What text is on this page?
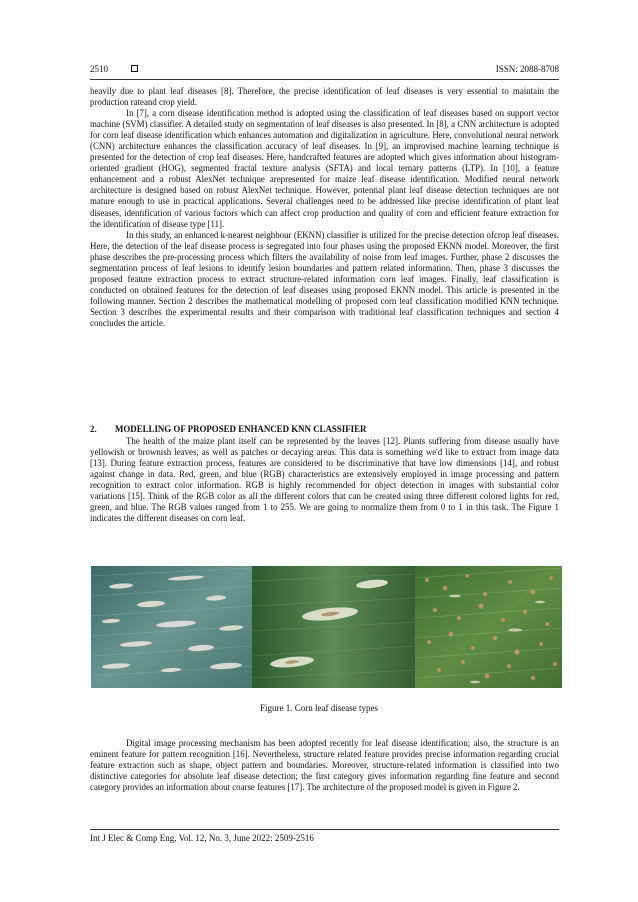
2510	ISSN: 2088-8708

heavily due to plant leaf diseases [8]. Therefore, the precise identification of leaf diseases is very essential to maintain the production rateand crop yield.

In [7], a corn disease identification method is adopted using the classification of leaf diseases based on support vector machine (SVM) classifier. A detailed study on segmentation of leaf diseases is also presented. In [8], a CNN architecture is adopted for corn leaf disease identification which enhances automation and digitalization in agriculture. Here, convolutional neural network (CNN) architecture enhances the classification accuracy of leaf diseases. In [9], an improvised machine learning technique is presented for the detection of crop leaf diseases. Here, handcrafted features are adopted which gives information about histogram-oriented gradient (HOG), segmented fractal texture analysis (SFTA) and local ternary patterns (LTP). In [10], a feature enhancement and a robust AlexNet technique arepresented for maize leaf disease identification. Modified neural network architecture is designed based on robust AlexNet technique. However, potential plant leaf disease detection techniques are not mature enough to use in practical applications. Several challenges need to be addressed like precise identification of plant leaf diseases, identification of various factors which can affect crop production and quality of corn and efficient feature extraction for the identification of disease type [11].

In this study, an enhanced k-nearest neighbour (EKNN) classifier is utilized for the precise detection ofcrop leaf diseases. Here, the detection of the leaf disease process is segregated into four phases using the proposed EKNN model. Moreover, the first phase describes the pre-processing process which filters the availability of noise from leaf images. Further, phase 2 discusses the segmentation process of leaf lesions to identify lesion boundaries and pattern related information. Then, phase 3 discusses the proposed feature extraction process to extract structure-related information corn leaf images. Finally, leaf classification is conducted on obtained features for the detection of leaf diseases using proposed EKNN model. This article is presented in the following manner. Section 2 describes the mathematical modelling of proposed corn leaf classification modified KNN technique. Section 3 describes the experimental results and their comparison with traditional leaf classification techniques and section 4 concludes the article.

2. MODELLING OF PROPOSED ENHANCED KNN CLASSIFIER

The health of the maize plant itself can be represented by the leaves [12]. Plants suffering from disease usually have yellowish or brownish leaves, as well as patches or decaying areas. This data is something we'd like to extract from image data [13]. During feature extraction process, features are considered to be discriminative that have low dimensions [14], and robust against change in data. Red, green, and blue (RGB) characteristics are extensively employed in image processing and pattern recognition to extract color information. RGB is highly recommended for object detection in images with substantial color variations [15]. Think of the RGB color as all the different colors that can be created using three different colored lights for red, green, and blue. The RGB values ranged from 1 to 255. We are going to normalize them from 0 to 1 in this task. The Figure 1 indicates the different diseases on corn leaf.

Figure 1. Corn leaf disease types

Digital image processing mechanism has been adopted recently for leaf disease identification; also, the structure is an eminent feature for pattern recognition [16]. Nevertheless, structure related feature provides precise information regarding crucial feature extraction such as shape, object pattern and boundaries. Moreover, structure-related information is classified into two distinctive categories for absolute leaf disease detection; the first category gives information regarding fine feature and second category provides an information about coarse features [17]. The architecture of the proposed model is given in Figure 2.

Int J Elec & Comp Eng, Vol. 12, No. 3, June 2022: 2509-2516
